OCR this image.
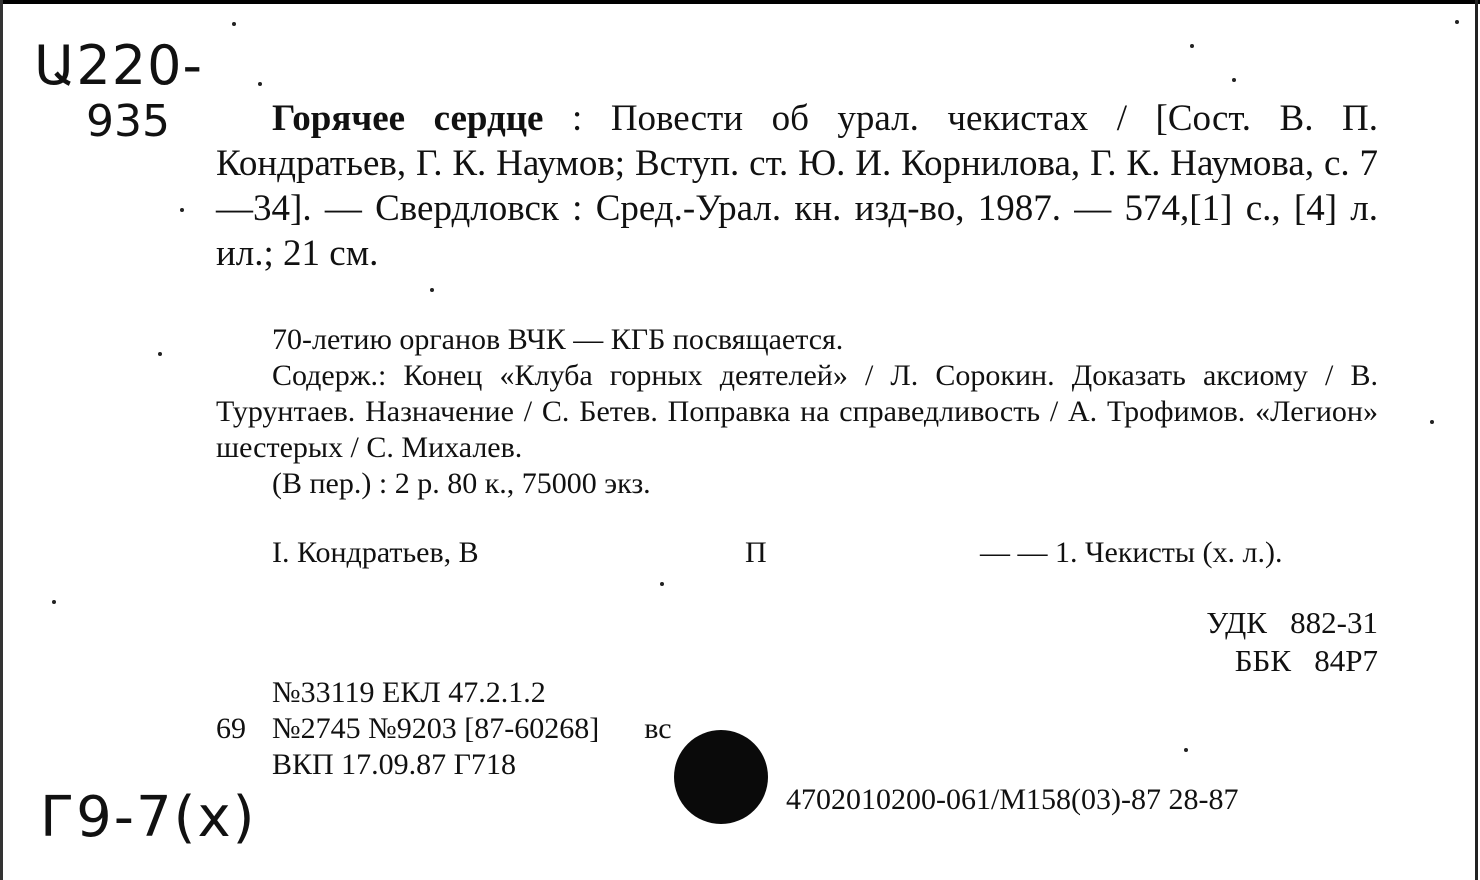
Ա220-
935
Г9-7(х)
Горячее сердце : Повести об урал. чекистах / [Сост. В. П. Кондратьев, Г. К. Наумов; Вступ. ст. Ю. И. Корнилова, Г. К. Наумова, с. 7—34]. — Свердловск : Сред.-Урал. кн. изд-во, 1987. — 574,[1] с., [4] л. ил.; 21 см.
70-летию органов ВЧК — КГБ посвящается.
Содерж.: Конец «Клуба горных деятелей» / Л. Сорокин. Доказать аксиому / В. Турунтаев. Назначение / С. Бетев. Поправка на справедливость / А. Трофимов. «Легион» шестерых / С. Михалев.
(В пер.) : 2 р. 80 к., 75000 экз.
I. Кондратьев, В	П	— — 1. Чекисты (х. л.).
УДК 882-31
ББК 84Р7
№33119 ЕКЛ 47.2.1.2
69 №2745 №9203 [87-60268] вс
ВКП 17.09.87 Г718
4702010200-061/М158(03)-87 28-87
